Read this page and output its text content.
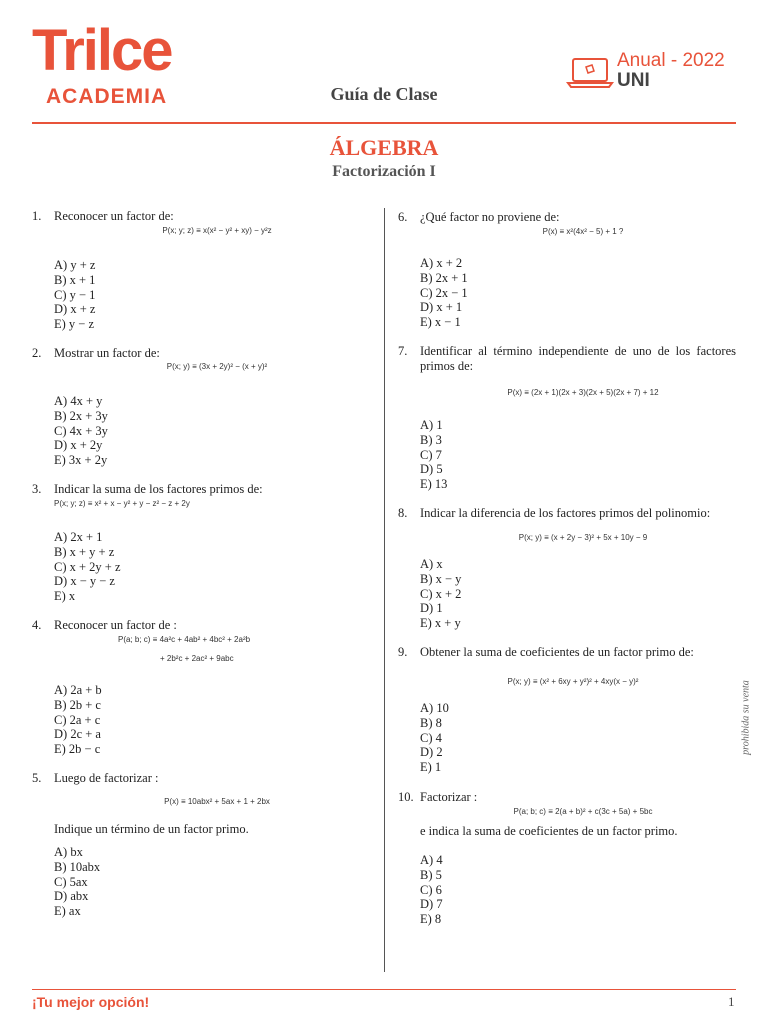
Trilce
ACADEMIA	Guía de Clase
Anual - 2022
UNI
ÁLGEBRA
Factorización I
1. Reconocer un factor de:
P(x; y; z) ≡ x(x² − y² + xy) − y²z
A) y + z
B) x + 1
C) y − 1
D) x + z
E) y − z
2. Mostrar un factor de:
P(x; y) ≡ (3x + 2y)² − (x + y)²
A) 4x + y
B) 2x + 3y
C) 4x + 3y
D) x + 2y
E) 3x + 2y
3. Indicar la suma de los factores primos de:
P(x; y; z) ≡ x² + x − y² + y − z² − z + 2y
A) 2x + 1
B) x + y + z
C) x + 2y + z
D) x − y − z
E) x
4. Reconocer un factor de :
P(a; b; c) ≡ 4a²c + 4ab² + 4bc² + 2a²b
+ 2b²c + 2ac² + 9abc
A) 2a + b
B) 2b + c
C) 2a + c
D) 2c + a
E) 2b − c
5. Luego de factorizar :
P(x) ≡ 10abx² + 5ax + 1 + 2bx
Indique un término de un factor primo.
A) bx
B) 10abx
C) 5ax
D) abx
E) ax
6. ¿Qué factor no proviene de:
P(x) ≡ x²(4x² − 5) + 1 ?
A) x + 2
B) 2x + 1
C) 2x − 1
D) x + 1
E) x − 1
7. Identificar al término independiente de uno de los factores primos de:
P(x) ≡ (2x + 1)(2x + 3)(2x + 5)(2x + 7) + 12
A) 1
B) 3
C) 7
D) 5
E) 13
8. Indicar la diferencia de los factores primos del polinomio:
P(x; y) ≡ (x + 2y − 3)² + 5x + 10y − 9
A) x
B) x − y
C) x + 2
D) 1
E) x + y
9. Obtener la suma de coeficientes de un factor primo de:
P(x; y) ≡ (x² + 6xy + y²)² + 4xy(x − y)²
A) 10
B) 8
C) 4
D) 2
E) 1
10. Factorizar :
P(a; b; c) ≡ 2(a + b)² + c(3c + 5a) + 5bc
e indica la suma de coeficientes de un factor primo.
A) 4
B) 5
C) 6
D) 7
E) 8
prohibida su venta
¡Tu mejor opción!	1
